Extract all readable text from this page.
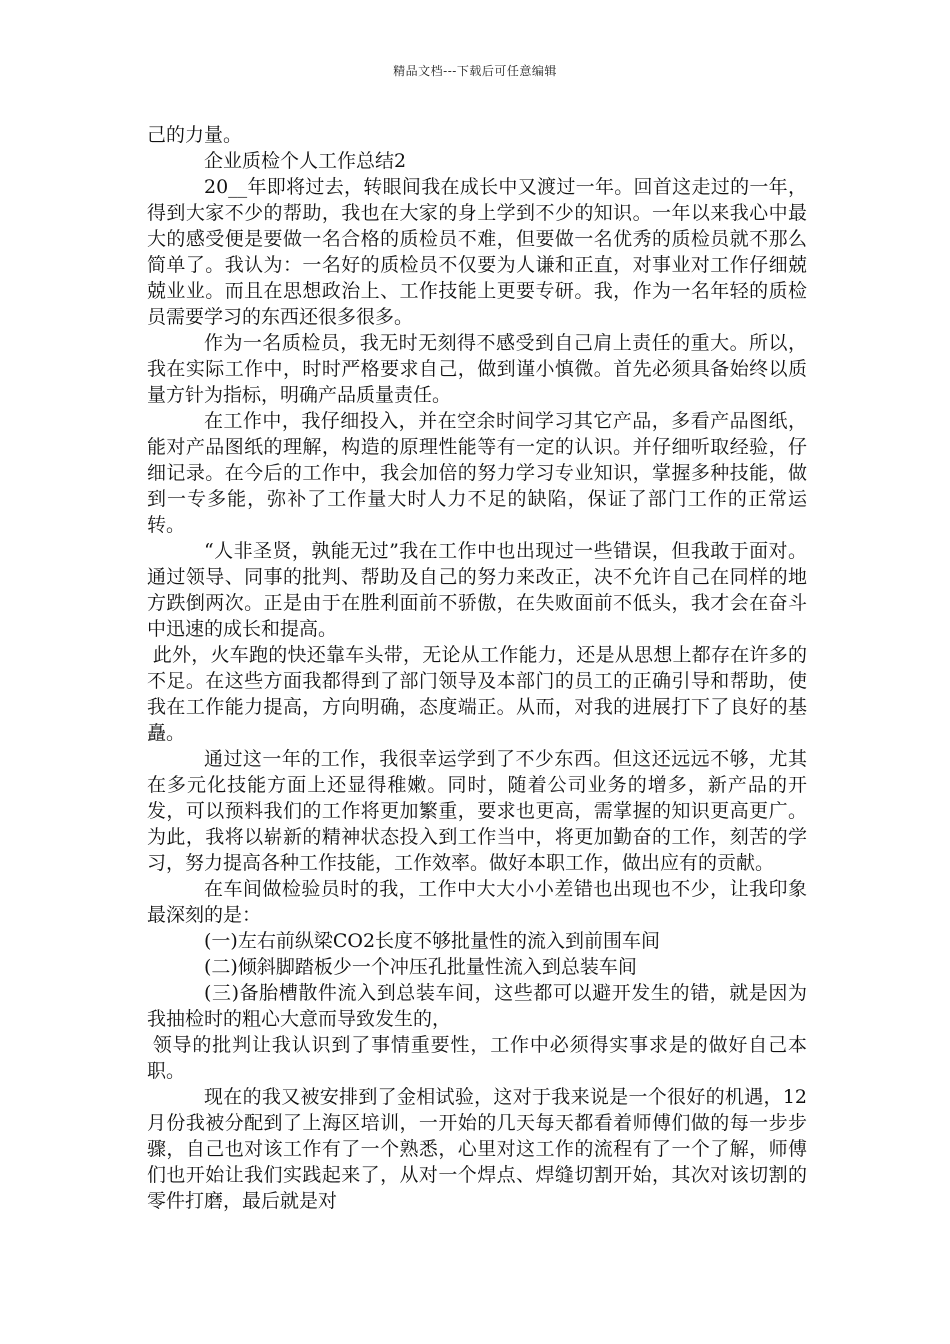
精品文档---下载后可任意编辑

己的力量。

企业质检个人工作总结2

20__年即将过去，转眼间我在成长中又渡过一年。回首这走过的一年，得到大家不少的帮助，我也在大家的身上学到不少的知识。一年以来我心中最大的感受便是要做一名合格的质检员不难，但要做一名优秀的质检员就不那么简单了。我认为：一名好的质检员不仅要为人谦和正直，对事业对工作仔细兢兢业业。而且在思想政治上、工作技能上更要专研。我，作为一名年轻的质检员需要学习的东西还很多很多。

作为一名质检员，我无时无刻得不感受到自己肩上责任的重大。所以，我在实际工作中，时时严格要求自己，做到谨小慎微。首先必须具备始终以质量方针为指标，明确产品质量责任。

在工作中，我仔细投入，并在空余时间学习其它产品，多看产品图纸，能对产品图纸的理解，构造的原理性能等有一定的认识。并仔细听取经验，仔细记录。在今后的工作中，我会加倍的努力学习专业知识，掌握多种技能，做到一专多能，弥补了工作量大时人力不足的缺陷，保证了部门工作的正常运转。

“人非圣贤，孰能无过”我在工作中也出现过一些错误，但我敢于面对。通过领导、同事的批判、帮助及自己的努力来改正，决不允许自己在同样的地方跌倒两次。正是由于在胜利面前不骄傲，在失败面前不低头，我才会在奋斗中迅速的成长和提高。

此外，火车跑的快还靠车头带，无论从工作能力，还是从思想上都存在许多的不足。在这些方面我都得到了部门领导及本部门的员工的正确引导和帮助，使我在工作能力提高，方向明确，态度端正。从而，对我的进展打下了良好的基矗。

通过这一年的工作，我很幸运学到了不少东西。但这还远远不够，尤其在多元化技能方面上还显得稚嫩。同时，随着公司业务的增多，新产品的开发，可以预料我们的工作将更加繁重，要求也更高，需掌握的知识更高更广。为此，我将以崭新的精神状态投入到工作当中，将更加勤奋的工作，刻苦的学习，努力提高各种工作技能，工作效率。做好本职工作，做出应有的贡献。

在车间做检验员时的我，工作中大大小小差错也出现也不少，让我印象最深刻的是：

(一)左右前纵梁CO2长度不够批量性的流入到前围车间

(二)倾斜脚踏板少一个冲压孔批量性流入到总装车间

(三)备胎槽散件流入到总装车间，这些都可以避开发生的错，就是因为我抽检时的粗心大意而导致发生的，

领导的批判让我认识到了事情重要性，工作中必须得实事求是的做好自己本职。

现在的我又被安排到了金相试验，这对于我来说是一个很好的机遇，12月份我被分配到了上海区培训，一开始的几天每天都看着师傅们做的每一步步骤，自己也对该工作有了一个熟悉，心里对这工作的流程有了一个了解，师傅们也开始让我们实践起来了，从对一个焊点、焊缝切割开始，其次对该切割的零件打磨，最后就是对
